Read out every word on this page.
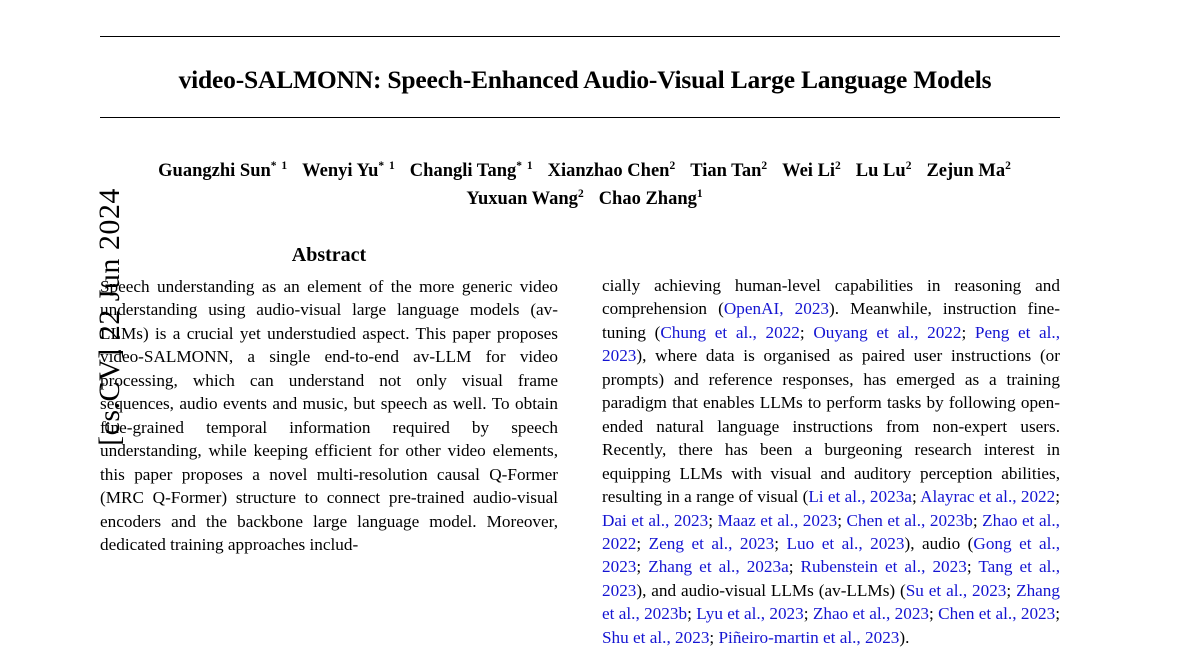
[cs.CV] 22 Jun 2024
video-SALMONN: Speech-Enhanced Audio-Visual Large Language Models
Guangzhi Sun$^{* 1}$ Wenyi Yu$^{* 1}$ Changli Tang$^{* 1}$ Xianzhao Chen$^2$ Tian Tan$^2$ Wei Li$^2$ Lu Lu$^2$ Zejun Ma$^2$
Yuxuan Wang$^2$ Chao Zhang$^1$
Abstract
Speech understanding as an element of the more generic video understanding using audio-visual large language models (av-LLMs) is a crucial yet understudied aspect. This paper proposes video-SALMONN, a single end-to-end av-LLM for video processing, which can understand not only visual frame sequences, audio events and music, but speech as well. To obtain fine-grained temporal information required by speech understanding, while keeping efficient for other video elements, this paper proposes a novel multi-resolution causal Q-Former (MRC Q-Former) structure to connect pre-trained audio-visual encoders and the backbone large language model. Moreover, dedicated training approaches includ-
cially achieving human-level capabilities in reasoning and comprehension (OpenAI, 2023). Meanwhile, instruction fine-tuning (Chung et al., 2022; Ouyang et al., 2022; Peng et al., 2023), where data is organised as paired user instructions (or prompts) and reference responses, has emerged as a training paradigm that enables LLMs to perform tasks by following open-ended natural language instructions from non-expert users. Recently, there has been a burgeoning research interest in equipping LLMs with visual and auditory perception abilities, resulting in a range of visual (Li et al., 2023a; Alayrac et al., 2022; Dai et al., 2023; Maaz et al., 2023; Chen et al., 2023b; Zhao et al., 2022; Zeng et al., 2023; Luo et al., 2023), audio (Gong et al., 2023; Zhang et al., 2023a; Rubenstein et al., 2023; Tang et al., 2023), and audio-visual LLMs (av-LLMs) (Su et al., 2023; Zhang et al., 2023b; Lyu et al., 2023; Zhao et al., 2023; Chen et al., 2023; Shu et al., 2023; Piñeiro-martin et al., 2023).
